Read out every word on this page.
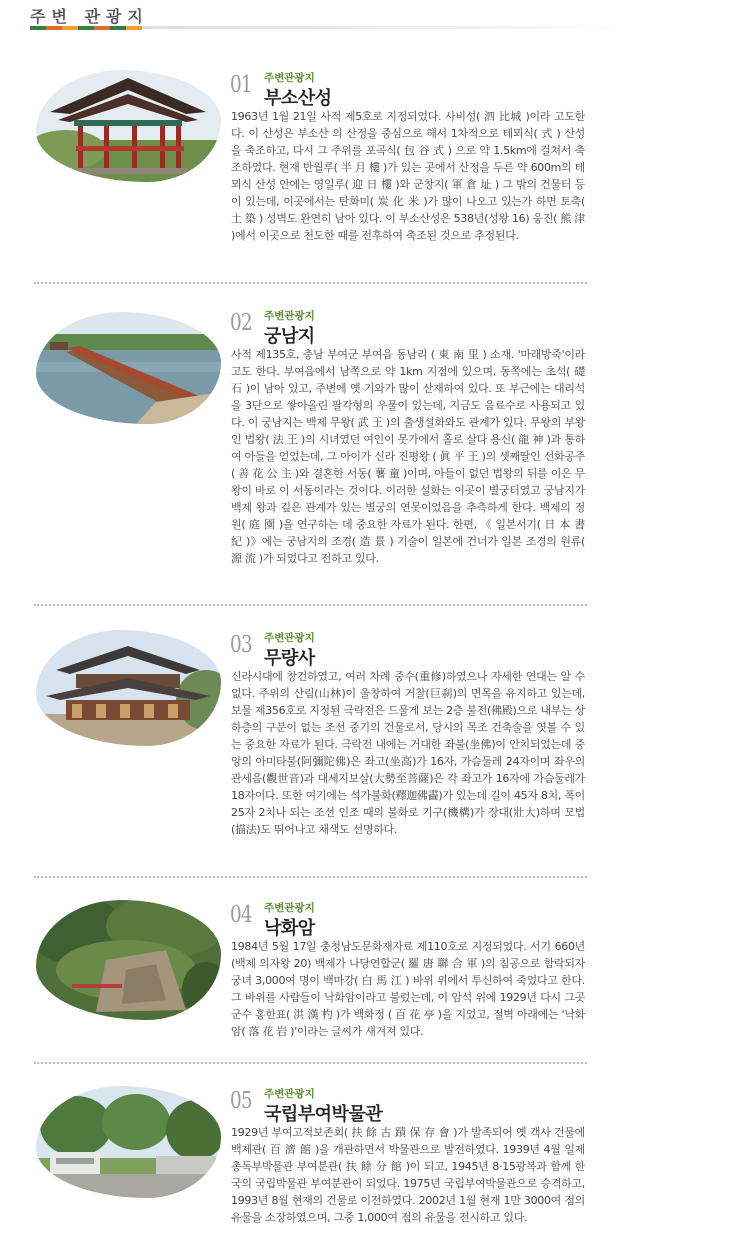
주변 관광지
01 주변관광지
부소산성

1963년 1월 21일 사적 제5호로 지정되었다. 사비성( 泗 比城 )이라 고도한다. 이 산성은 부소산 의 산정을 중심으로 해서 1차적으로 테뫼식( 式 ) 산성을 축조하고, 다시 그 주위를 포곡식( 包 谷 式 ) 으로 약 1.5km에 걸쳐서 축조하였다. 현재 반월루( 半 月 樓 )가 있는 곳에서 산정을 두른 약 600m의 테뫼식 산성 안에는 영일루( 迎 日 樓 )와 군창지( 軍 倉 址 ) 그 밖의 건물터 등이 있는데, 이곳에서는 탄화미( 炭 化 米 )가 많이 나오고 있는가 하면 토축( 土 築 ) 성벽도 완연히 남아 있다. 이 부소산성은 538년(성왕 16) 웅진( 熊 津 )에서 이곳으로 천도한 때를 전후하여 축조된 것으로 추정된다.

02 주변관광지
궁남지

사적 제135호, 충남 부여군 부여읍 동남리 ( 東 南 里 ) 소재. '마래방죽'이라고도 한다. 부여읍에서 남쪽으로 약 1km 지점에 있으며, 동쪽에는 초석( 礎 石 )이 남아 있고, 주변에 옛 기와가 많이 산재하여 있다. 또 부근에는 대리석을 3단으로 쌓아올린 팔각형의 우물이 있는데, 지금도 음료수로 사용되고 있다. 이 궁남지는 백제 무왕( 武 王 )의 출생설화와도 관계가 있다. 무왕의 부왕인 법왕( 法 王 )의 시녀였던 여인이 못가에서 홀로 살다 용신( 龍 神 )과 통하여 아들을 얻었는데, 그 아이가 신라 진평왕 ( 眞 平 王 )의 셋째딸인 선화공주 ( 善 花 公 主 )와 결혼한 서동( 薯 童 )이며, 아들이 없던 법왕의 뒤를 이은 무왕이 바로 이 서동이라는 것이다. 이러한 설화는 이곳이 별궁터였고 궁남지가 백제 왕과 깊은 관계가 있는 별궁의 연못이었음을 추측하게 한다. 백제의 정원( 庭 園 )을 연구하는 데 중요한 자료가 된다. 한편, 《 일본서기( 日 本 書 紀 )》에는 궁남지의 조경( 造 景 ) 기술이 일본에 건너가 일본 조경의 원류( 源 流 )가 되었다고 전하고 있다.

03 주변관광지
무량사

신라시대에 창건하였고, 여러 차례 중수(重修)하였으나 자세한 연대는 알 수 없다. 주위의 산림(山林)이 울창하여 거찰(巨刹)의 면목을 유지하고 있는데, 보물 제356호로 지정된 극락전은 드물게 보는 2층 불전(佛殿)으로 내부는 상 하층의 구분이 없는 조선 중기의 건물로서, 당시의 목조 건축술을 엿볼 수 있는 중요한 자료가 된다. 극락전 내에는 거대한 좌불(坐佛)이 안치되었는데 중앙의 아미타불(阿彌陀佛)은 좌고(坐高)가 16자, 가슴둘레 24자이며 좌우의 관세음(觀世音)과 대세지보살(大勢至菩薩)은 각 좌고가 16자에 가슴둘레가 18자이다. 또한 여기에는 석가불화(釋迦佛畵)가 있는데 길이 45자 8치, 폭이 25자 2치나 되는 조선 인조 때의 불화로 기구(機構)가 장대(壯大)하며 모법(描法)도 뛰어나고 채색도 선명하다.

04 주변관광지
낙화암

1984년 5월 17일 충청남도문화재자료 제110호로 지정되었다. 서기 660년(백제 의자왕 20) 백제가 나당연합군( 羅 唐 聯 合 軍 )의 침공으로 함락되자 궁녀 3,000여 명이 백마강( 白 馬 江 ) 바위 위에서 투신하여 죽었다고 한다. 그 바위를 사람들이 낙화암이라고 불렀는데, 이 암석 위에 1929년 다시 그곳 군수 홍한표( 洪 漢 杓 )가 백화정 ( 百 花 亭 )을 지었고, 절벽 아래에는 '낙화암( 落 花 岩 )'이라는 글씨가 새겨져 있다.

05 주변관광지
국립부여박물관

1929년 부여고적보존회( 扶 餘 古 蹟 保 存 會 )가 발족되어 옛 객사 건물에 백제관( 百 濟 館 )을 개관하면서 박물관으로 발전하였다. 1939년 4월 일제 총독부박물관 부여분관( 扶 餘 分 館 )이 되고, 1945년 8·15광복과 함께 한국의 국립박물관 부여분관이 되었다. 1975년 국립부여박물관으로 승격하고, 1993년 8월 현재의 건물로 이전하였다. 2002년 1월 현재 1만 3000여 점의 유물을 소장하였으며, 그중 1,000여 점의 유물을 전시하고 있다.
